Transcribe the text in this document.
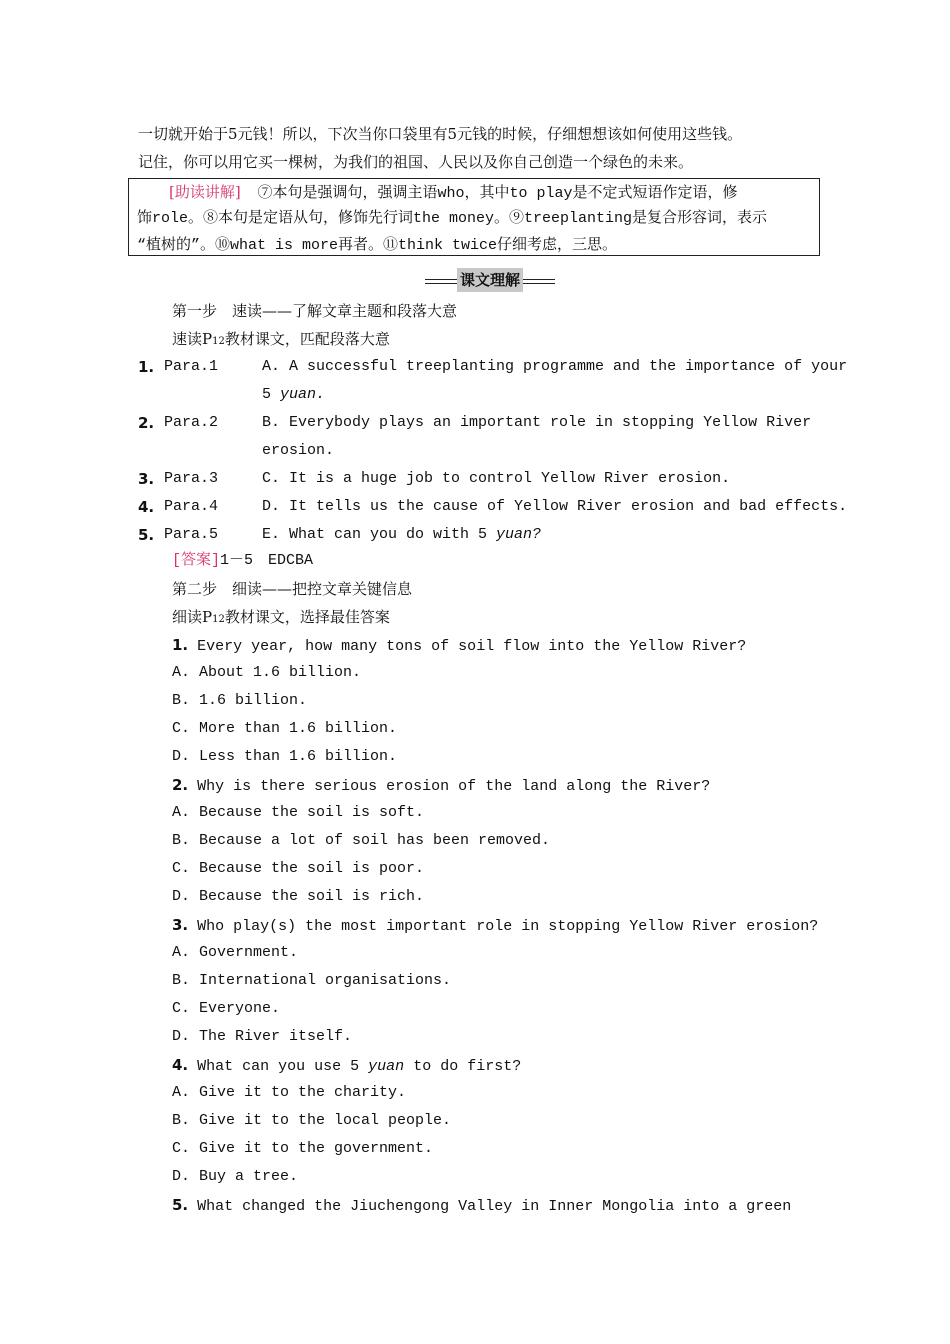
一切就开始于5元钱！所以，下次当你口袋里有5元钱的时候，仔细想想该如何使用这些钱。
记住，你可以用它买一棵树，为我们的祖国、人民以及你自己创造一个绿色的未来。
[助读讲解] ⑦本句是强调句，强调主语who，其中to play是不定式短语作定语，修
饰role。⑧本句是定语从句，修饰先行词the money。⑨treeplanting是复合形容词，表示
“植树的”。⑩what is more再者。⑪think twice仔细考虑，三思。
课文理解
第一步　速读——了解文章主题和段落大意
速读P12教材课文，匹配段落大意
1. Para.1	A. A successful treeplanting programme and the importance of your
5 yuan.
2. Para.2	B. Everybody plays an important role in stopping Yellow River
erosion.
3. Para.3	C. It is a huge job to control Yellow River erosion.
4. Para.4	D. It tells us the cause of Yellow River erosion and bad effects.
5. Para.5	E. What can you do with 5 yuan?
[答案]1－5　EDCBA
第二步　细读——把控文章关键信息
细读P12教材课文，选择最佳答案
1. Every year, how many tons of soil flow into the Yellow River?
A. About 1.6 billion.
B. 1.6 billion.
C. More than 1.6 billion.
D. Less than 1.6 billion.
2. Why is there serious erosion of the land along the River?
A. Because the soil is soft.
B. Because a lot of soil has been removed.
C. Because the soil is poor.
D. Because the soil is rich.
3. Who play(s) the most important role in stopping Yellow River erosion?
A. Government.
B. International organisations.
C. Everyone.
D. The River itself.
4. What can you use 5 yuan to do first?
A. Give it to the charity.
B. Give it to the local people.
C. Give it to the government.
D. Buy a tree.
5. What changed the Jiuchengong Valley in Inner Mongolia into a green
